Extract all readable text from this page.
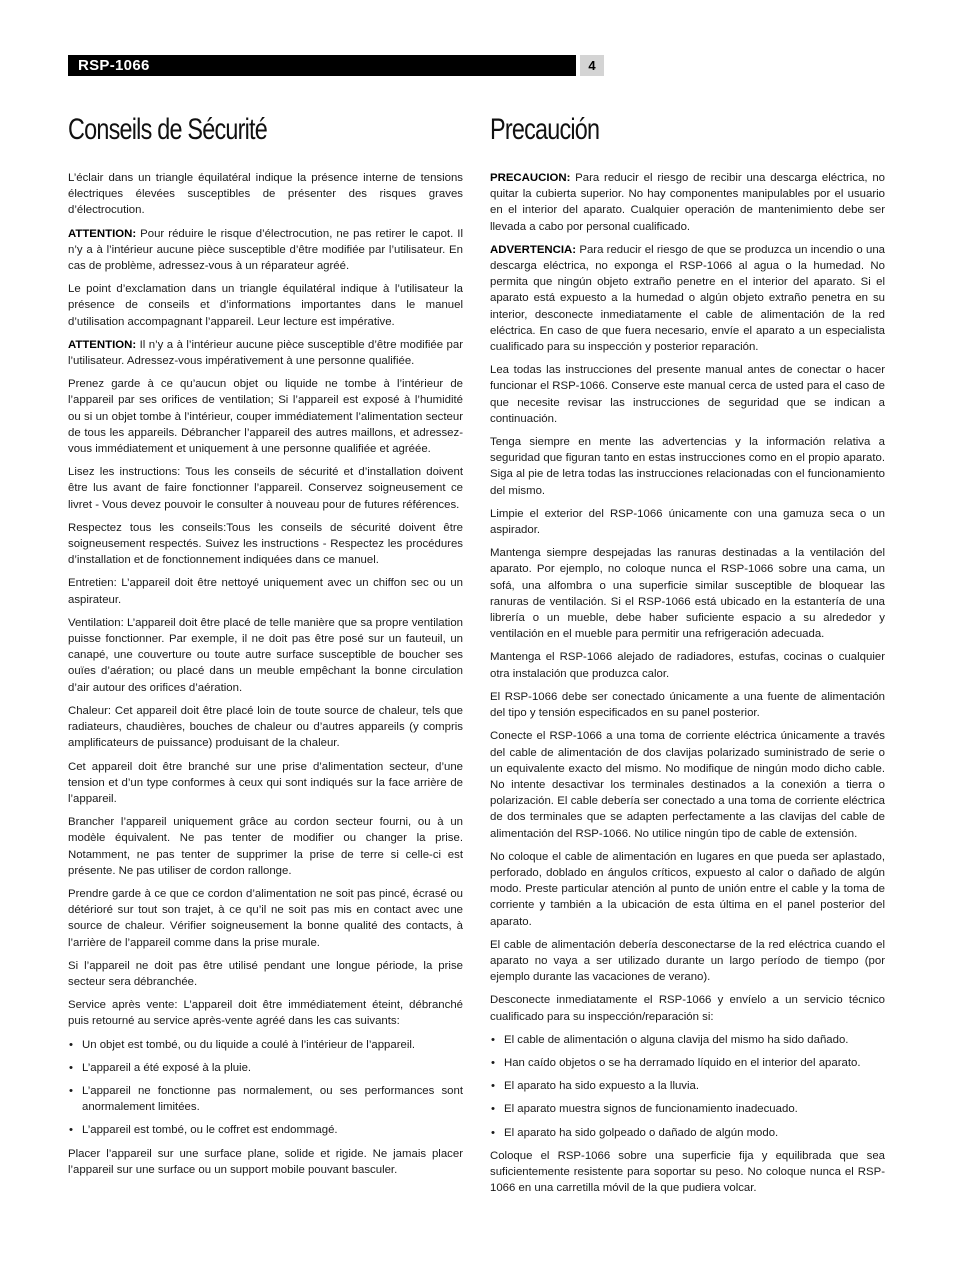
RSP-1066	4
Conseils de Sécurité

L’éclair dans un triangle équilatéral indique la présence interne de tensions électriques élevées susceptibles de présenter des risques graves d’électrocution.

ATTENTION: Pour réduire le risque d’électrocution, ne pas retirer le capot. Il n’y a à l’intérieur aucune pièce susceptible d’être modifiée par l’utilisateur. En cas de problème, adressez-vous à un réparateur agréé.

Le point d’exclamation dans un triangle équilatéral indique à l’utilisateur la présence de conseils et d’informations importantes dans le manuel d’utilisation accompagnant l’appareil. Leur lecture est impérative.

ATTENTION: Il n’y a à l’intérieur aucune pièce susceptible d’être modifiée par l’utilisateur. Adressez-vous impérativement à une personne qualifiée.

Prenez garde à ce qu’aucun objet ou liquide ne tombe à l’intérieur de l’appareil par ses orifices de ventilation; Si l’appareil est exposé à l’humidité ou si un objet tombe à l’intérieur, couper immédiatement l’alimentation secteur de tous les appareils. Débrancher l’appareil des autres maillons, et adressez-vous immédiatement et uniquement à une personne qualifiée et agréée.

Lisez les instructions: Tous les conseils de sécurité et d’installation doivent être lus avant de faire fonctionner l’appareil. Conservez soigneusement ce livret - Vous devez pouvoir le consulter à nouveau pour de futures références.

Respectez tous les conseils:Tous les conseils de sécurité doivent être soigneusement respectés. Suivez les instructions - Respectez les procédures d’installation et de fonctionnement indiquées dans ce manuel.

Entretien: L’appareil doit être nettoyé uniquement avec un chiffon sec ou un aspirateur.

Ventilation: L’appareil doit être placé de telle manière que sa propre ventilation puisse fonctionner. Par exemple, il ne doit pas être posé sur un fauteuil, un canapé, une couverture ou toute autre surface susceptible de boucher ses ouïes d’aération; ou placé dans un meuble empêchant la bonne circulation d’air autour des orifices d’aération.

Chaleur: Cet appareil doit être placé loin de toute source de chaleur, tels que radiateurs, chaudières, bouches de chaleur ou d’autres appareils (y compris amplificateurs de puissance) produisant de la chaleur.

Cet appareil doit être branché sur une prise d’alimentation secteur, d’une tension et d’un type conformes à ceux qui sont indiqués sur la face arrière de l’appareil.

Brancher l’appareil uniquement grâce au cordon secteur fourni, ou à un modèle équivalent. Ne pas tenter de modifier ou changer la prise. Notamment, ne pas tenter de supprimer la prise de terre si celle-ci est présente. Ne pas utiliser de cordon rallonge.

Prendre garde à ce que ce cordon d’alimentation ne soit pas pincé, écrasé ou détérioré sur tout son trajet, à ce qu’il ne soit pas mis en contact avec une source de chaleur. Vérifier soigneusement la bonne qualité des contacts, à l’arrière de l’appareil comme dans la prise murale.

Si l’appareil ne doit pas être utilisé pendant une longue période, la prise secteur sera débranchée.

Service après vente: L’appareil doit être immédiatement éteint, débranché puis retourné au service après-vente agréé dans les cas suivants:

• Un objet est tombé, ou du liquide a coulé à l’intérieur de l’appareil.
• L’appareil a été exposé à la pluie.
• L’appareil ne fonctionne pas normalement, ou ses performances sont anormalement limitées.
• L’appareil est tombé, ou le coffret est endommagé.

Placer l’appareil sur une surface plane, solide et rigide. Ne jamais placer l’appareil sur une surface ou un support mobile pouvant basculer.

Precaución

PRECAUCION: Para reducir el riesgo de recibir una descarga eléctrica, no quitar la cubierta superior. No hay componentes manipulables por el usuario en el interior del aparato. Cualquier operación de mantenimiento debe ser llevada a cabo por personal cualificado.

ADVERTENCIA: Para reducir el riesgo de que se produzca un incendio o una descarga eléctrica, no exponga el RSP-1066 al agua o la humedad. No permita que ningún objeto extraño penetre en el interior del aparato. Si el aparato está expuesto a la humedad o algún objeto extraño penetra en su interior, desconecte inmediatamente el cable de alimentación de la red eléctrica. En caso de que fuera necesario, envíe el aparato a un especialista cualificado para su inspección y posterior reparación.

Lea todas las instrucciones del presente manual antes de conectar o hacer funcionar el RSP-1066. Conserve este manual cerca de usted para el caso de que necesite revisar las instrucciones de seguridad que se indican a continuación.

Tenga siempre en mente las advertencias y la información relativa a seguridad que figuran tanto en estas instrucciones como en el propio aparato. Siga al pie de letra todas las instrucciones relacionadas con el funcionamiento del mismo.

Limpie el exterior del RSP-1066 únicamente con una gamuza seca o un aspirador.

Mantenga siempre despejadas las ranuras destinadas a la ventilación del aparato. Por ejemplo, no coloque nunca el RSP-1066 sobre una cama, un sofá, una alfombra o una superficie similar susceptible de bloquear las ranuras de ventilación. Si el RSP-1066 está ubicado en la estantería de una librería o un mueble, debe haber suficiente espacio a su alrededor y ventilación en el mueble para permitir una refrigeración adecuada.

Mantenga el RSP-1066 alejado de radiadores, estufas, cocinas o cualquier otra instalación que produzca calor.

El RSP-1066 debe ser conectado únicamente a una fuente de alimentación del tipo y tensión especificados en su panel posterior.

Conecte el RSP-1066 a una toma de corriente eléctrica únicamente a través del cable de alimentación de dos clavijas polarizado suministrado de serie o un equivalente exacto del mismo. No modifique de ningún modo dicho cable. No intente desactivar los terminales destinados a la conexión a tierra o polarización. El cable debería ser conectado a una toma de corriente eléctrica de dos terminales que se adapten perfectamente a las clavijas del cable de alimentación del RSP-1066. No utilice ningún tipo de cable de extensión.

No coloque el cable de alimentación en lugares en que pueda ser aplastado, perforado, doblado en ángulos críticos, expuesto al calor o dañado de algún modo. Preste particular atención al punto de unión entre el cable y la toma de corriente y también a la ubicación de esta última en el panel posterior del aparato.

El cable de alimentación debería desconectarse de la red eléctrica cuando el aparato no vaya a ser utilizado durante un largo período de tiempo (por ejemplo durante las vacaciones de verano).

Desconecte inmediatamente el RSP-1066 y envíelo a un servicio técnico cualificado para su inspección/reparación si:

• El cable de alimentación o alguna clavija del mismo ha sido dañado.
• Han caído objetos o se ha derramado líquido en el interior del aparato.
• El aparato ha sido expuesto a la lluvia.
• El aparato muestra signos de funcionamiento inadecuado.
• El aparato ha sido golpeado o dañado de algún modo.

Coloque el RSP-1066 sobre una superficie fija y equilibrada que sea suficientemente resistente para soportar su peso. No coloque nunca el RSP-1066 en una carretilla móvil de la que pudiera volcar.
